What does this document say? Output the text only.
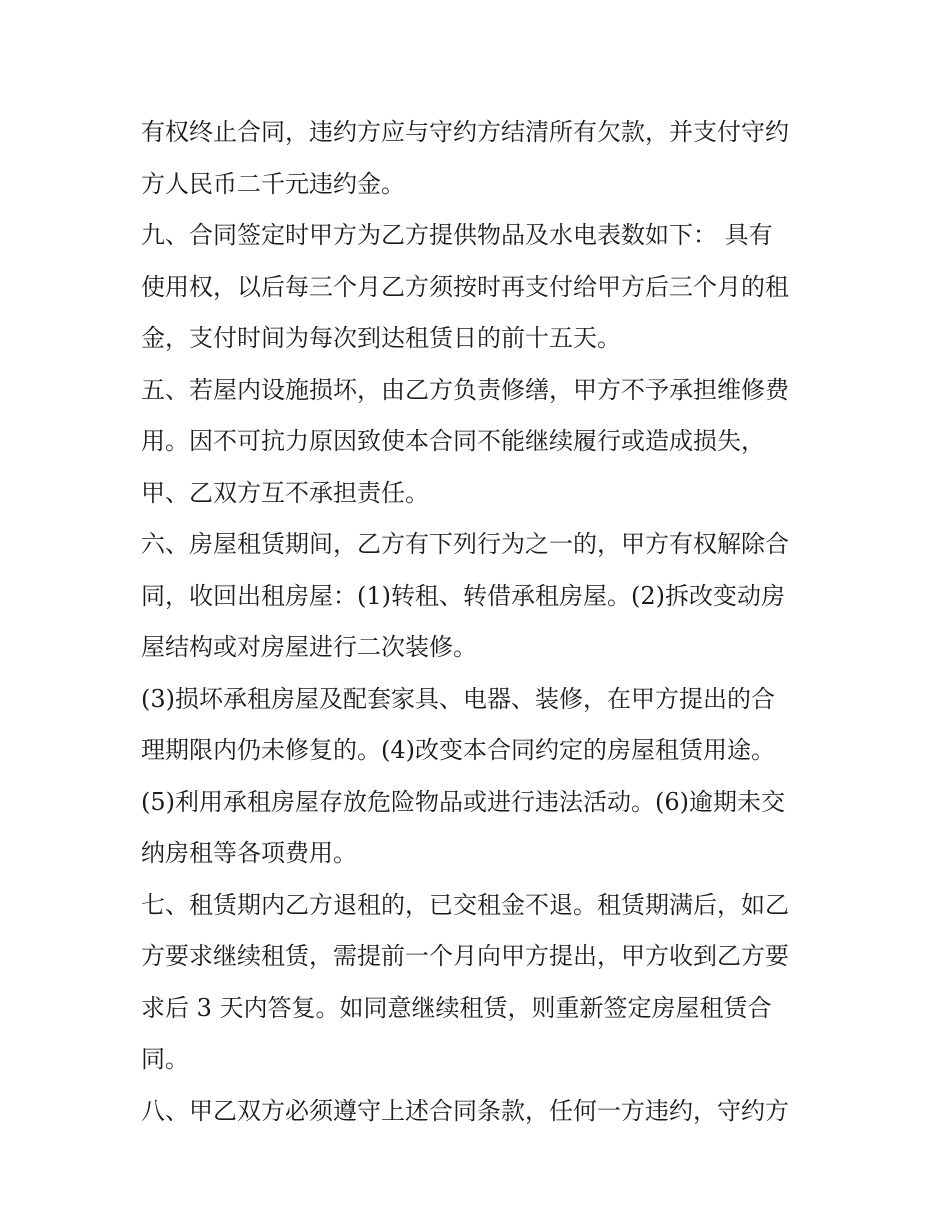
有权终止合同，违约方应与守约方结清所有欠款，并支付守约
方人民币二千元违约金。
九、合同签定时甲方为乙方提供物品及水电表数如下： 具有
使用权，以后每三个月乙方须按时再支付给甲方后三个月的租
金，支付时间为每次到达租赁日的前十五天。
五、若屋内设施损坏，由乙方负责修缮，甲方不予承担维修费
用。因不可抗力原因致使本合同不能继续履行或造成损失，
甲、乙双方互不承担责任。
六、房屋租赁期间，乙方有下列行为之一的，甲方有权解除合
同，收回出租房屋：(1)转租、转借承租房屋。(2)拆改变动房
屋结构或对房屋进行二次装修。
(3)损坏承租房屋及配套家具、电器、装修，在甲方提出的合
理期限内仍未修复的。(4)改变本合同约定的房屋租赁用途。
(5)利用承租房屋存放危险物品或进行违法活动。(6)逾期未交
纳房租等各项费用。
七、租赁期内乙方退租的，已交租金不退。租赁期满后，如乙
方要求继续租赁，需提前一个月向甲方提出，甲方收到乙方要
求后 3 天内答复。如同意继续租赁，则重新签定房屋租赁合
同。
八、甲乙双方必须遵守上述合同条款，任何一方违约，守约方
